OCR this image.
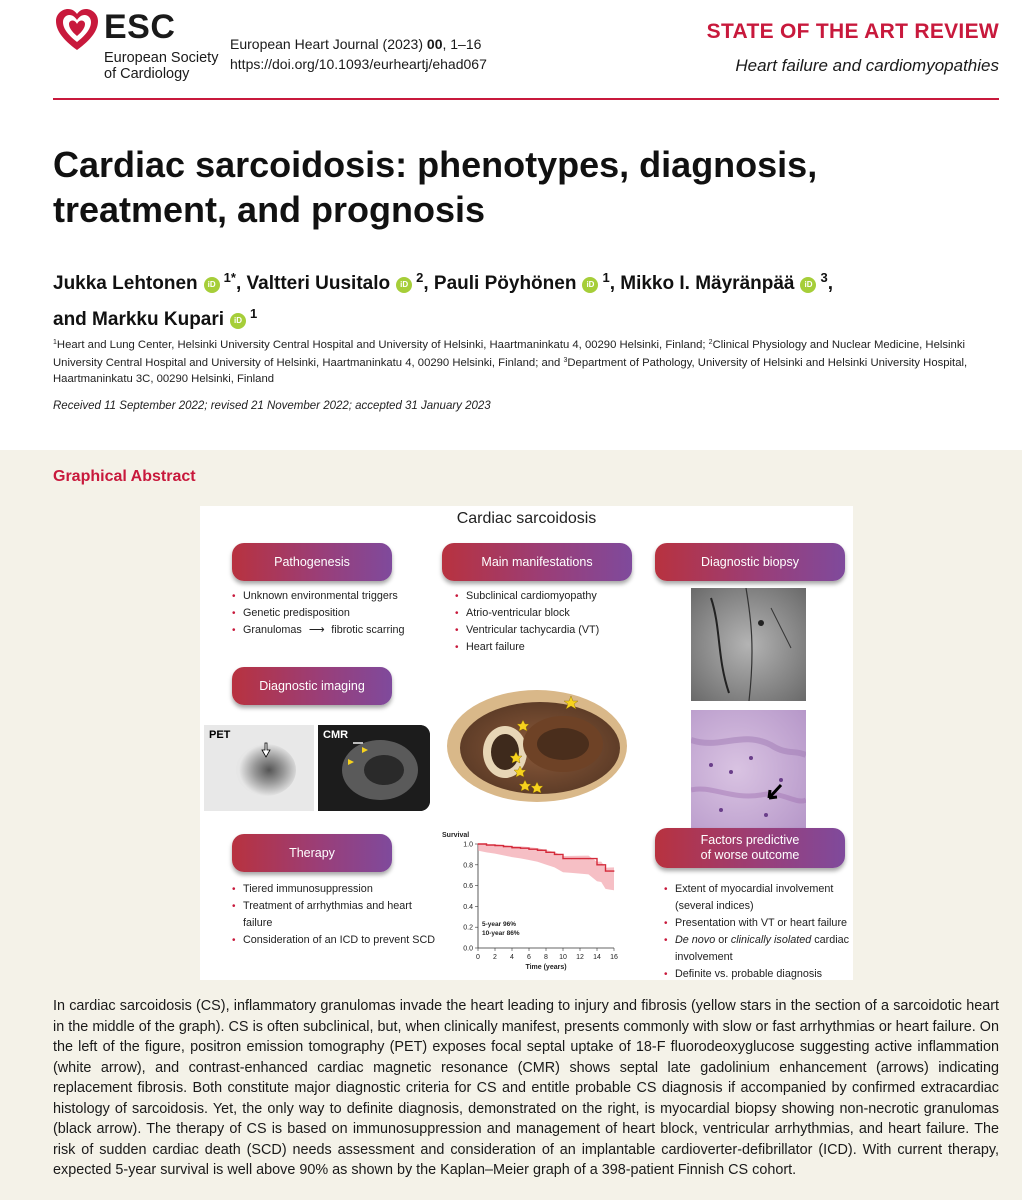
ESC
European Society
of Cardiology
European Heart Journal (2023) 00, 1–16
https://doi.org/10.1093/eurheartj/ehad067
STATE OF THE ART REVIEW
Heart failure and cardiomyopathies
Cardiac sarcoidosis: phenotypes, diagnosis, treatment, and prognosis
Jukka Lehtonen iD $^{1*}$, Valtteri Uusitalo iD $^2$, Pauli Pöyhönen iD $^1$, Mikko I. Mäyränpää iD $^3$,
and Markku Kupari iD $^1$
$^1$Heart and Lung Center, Helsinki University Central Hospital and University of Helsinki, Haartmaninkatu 4, 00290 Helsinki, Finland; $^2$Clinical Physiology and Nuclear Medicine, Helsinki University Central Hospital and University of Helsinki, Haartmaninkatu 4, 00290 Helsinki, Finland; and $^3$Department of Pathology, University of Helsinki and Helsinki University Hospital, Haartmaninkatu 3C, 00290 Helsinki, Finland
Received 11 September 2022; revised 21 November 2022; accepted 31 January 2023
Graphical Abstract
Cardiac sarcoidosis
Pathogenesis
• Unknown environmental triggers
• Genetic predisposition
• Granulomas ⟶ fibrotic scarring
Main manifestations
• Subclinical cardiomyopathy
• Atrio-ventricular block
• Ventricular tachycardia (VT)
• Heart failure
Diagnostic biopsy
Diagnostic imaging
PET	CMR
Therapy
• Tiered immunosuppression
• Treatment of arrhythmias and heart failure
• Consideration of an ICD to prevent SCD
Survival
0.0
0.2
0.4
0.6
0.8
1.0
0 2 4 6 8 10 12 14 16
Time (years)
5-year 96%
10-year 86%
Factors predictive
of worse outcome
• Extent of myocardial involvement (several indices)
• Presentation with VT or heart failure
• De novo or clinically isolated cardiac involvement
• Definite vs. probable diagnosis
In cardiac sarcoidosis (CS), inflammatory granulomas invade the heart leading to injury and fibrosis (yellow stars in the section of a sarcoidotic heart in the middle of the graph). CS is often subclinical, but, when clinically manifest, presents commonly with slow or fast arrhythmias or heart failure. On the left of the figure, positron emission tomography (PET) exposes focal septal uptake of 18-F fluorodeoxyglucose suggesting active inflammation (white arrow), and contrast-enhanced cardiac magnetic resonance (CMR) shows septal late gadolinium enhancement (arrows) indicating replacement fibrosis. Both constitute major diagnostic criteria for CS and entitle probable CS diagnosis if accompanied by confirmed extracardiac histology of sarcoidosis. Yet, the only way to definite diagnosis, demonstrated on the right, is myocardial biopsy showing non-necrotic granulomas (black arrow). The therapy of CS is based on immunosuppression and management of heart block, ventricular arrhythmias, and heart failure. The risk of sudden cardiac death (SCD) needs assessment and consideration of an implantable cardioverter-defibrillator (ICD). With current therapy, expected 5-year survival is well above 90% as shown by the Kaplan–Meier graph of a 398-patient Finnish CS cohort.
